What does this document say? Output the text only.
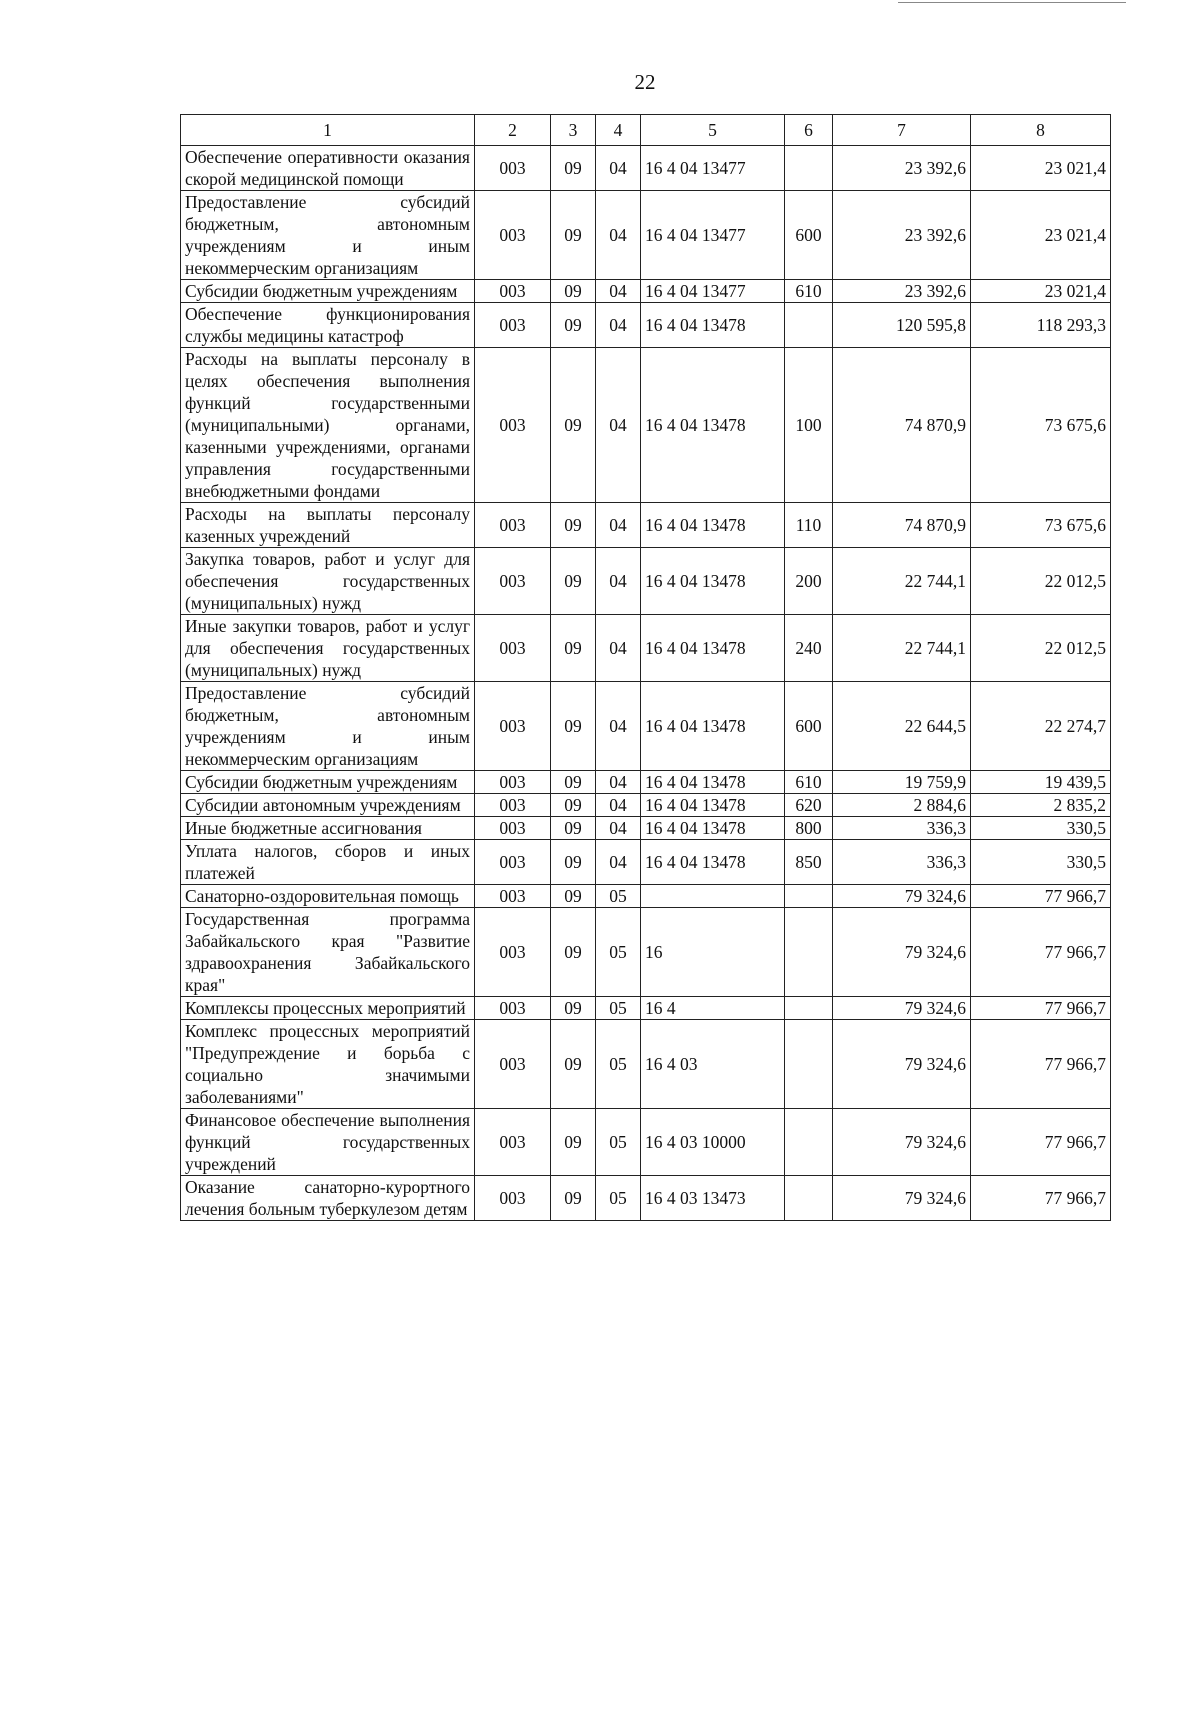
22
1	2	3	4	5	6	7	8
Обеспечение оперативности оказания скорой медицинской помощи	003	09	04	16 4 04 13477		23 392,6	23 021,4
Предоставление субсидий бюджетным, автономным учреждениям и иным некоммерческим организациям	003	09	04	16 4 04 13477	600	23 392,6	23 021,4
Субсидии бюджетным учреждениям	003	09	04	16 4 04 13477	610	23 392,6	23 021,4
Обеспечение функционирования службы медицины катастроф	003	09	04	16 4 04 13478		120 595,8	118 293,3
Расходы на выплаты персоналу в целях обеспечения выполнения функций государственными (муниципальными) органами, казенными учреждениями, органами управления государственными внебюджетными фондами	003	09	04	16 4 04 13478	100	74 870,9	73 675,6
Расходы на выплаты персоналу казенных учреждений	003	09	04	16 4 04 13478	110	74 870,9	73 675,6
Закупка товаров, работ и услуг для обеспечения государственных (муниципальных) нужд	003	09	04	16 4 04 13478	200	22 744,1	22 012,5
Иные закупки товаров, работ и услуг для обеспечения государственных (муниципальных) нужд	003	09	04	16 4 04 13478	240	22 744,1	22 012,5
Предоставление субсидий бюджетным, автономным учреждениям и иным некоммерческим организациям	003	09	04	16 4 04 13478	600	22 644,5	22 274,7
Субсидии бюджетным учреждениям	003	09	04	16 4 04 13478	610	19 759,9	19 439,5
Субсидии автономным учреждениям	003	09	04	16 4 04 13478	620	2 884,6	2 835,2
Иные бюджетные ассигнования	003	09	04	16 4 04 13478	800	336,3	330,5
Уплата налогов, сборов и иных платежей	003	09	04	16 4 04 13478	850	336,3	330,5
Санаторно-оздоровительная помощь	003	09	05			79 324,6	77 966,7
Государственная программа Забайкальского края "Развитие здравоохранения Забайкальского края"	003	09	05	16		79 324,6	77 966,7
Комплексы процессных мероприятий	003	09	05	16 4		79 324,6	77 966,7
Комплекс процессных мероприятий "Предупреждение и борьба с социально значимыми заболеваниями"	003	09	05	16 4 03		79 324,6	77 966,7
Финансовое обеспечение выполнения функций государственных учреждений	003	09	05	16 4 03 10000		79 324,6	77 966,7
Оказание санаторно-курортного лечения больным туберкулезом детям	003	09	05	16 4 03 13473		79 324,6	77 966,7
